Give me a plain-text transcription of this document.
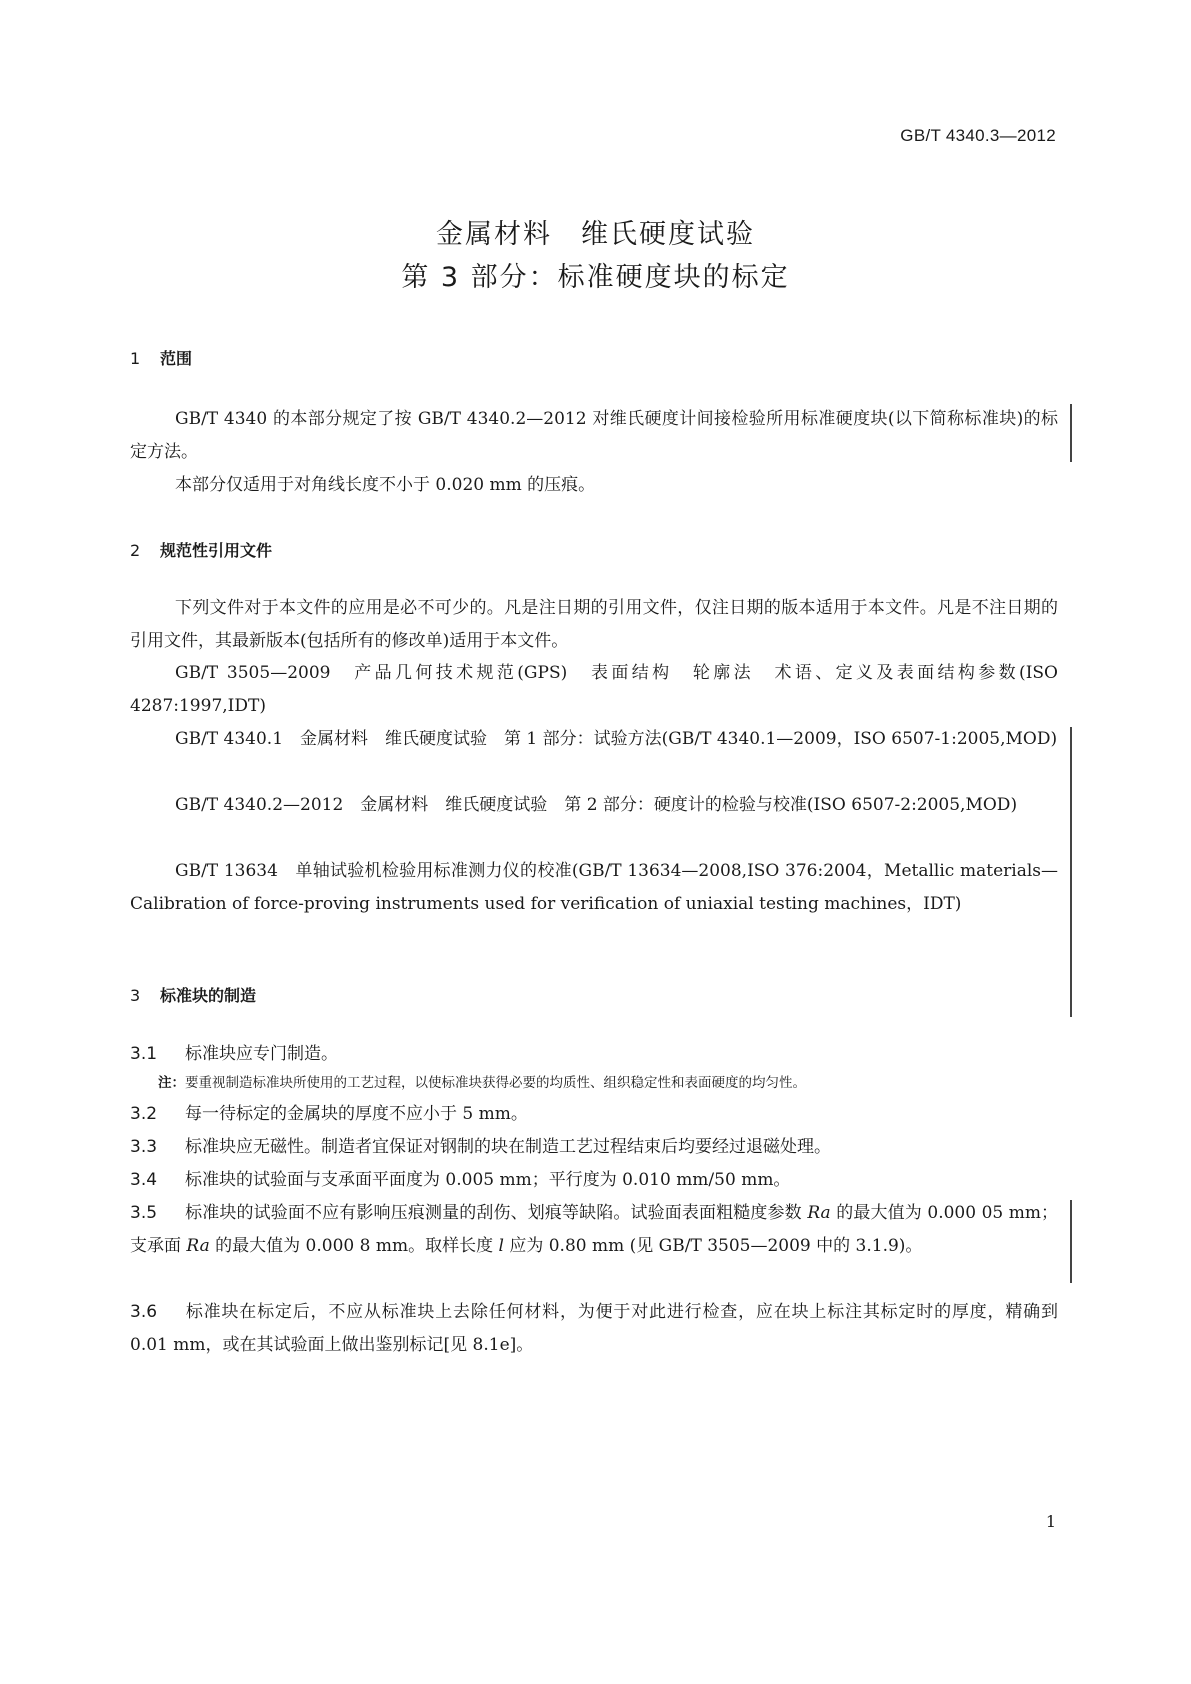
GB/T 4340.3—2012
金属材料　维氏硬度试验
第 3 部分：标准硬度块的标定
1 范围
GB/T 4340 的本部分规定了按 GB/T 4340.2—2012 对维氏硬度计间接检验所用标准硬度块(以下简称标准块)的标定方法。
本部分仅适用于对角线长度不小于 0.020 mm 的压痕。
2 规范性引用文件
下列文件对于本文件的应用是必不可少的。凡是注日期的引用文件，仅注日期的版本适用于本文件。凡是不注日期的引用文件，其最新版本(包括所有的修改单)适用于本文件。
GB/T 3505—2009　产品几何技术规范(GPS)　表面结构　轮廓法　术语、定义及表面结构参数(ISO 4287:1997,IDT)
GB/T 4340.1　金属材料　维氏硬度试验　第 1 部分：试验方法(GB/T 4340.1—2009，ISO 6507-1:2005,MOD)
GB/T 4340.2—2012　金属材料　维氏硬度试验　第 2 部分：硬度计的检验与校准(ISO 6507-2:2005,MOD)
GB/T 13634　单轴试验机检验用标准测力仪的校准(GB/T 13634—2008,ISO 376:2004，Metallic materials—Calibration of force-proving instruments used for verification of uniaxial testing machines，IDT)
3 标准块的制造
3.1 标准块应专门制造。
注：要重视制造标准块所使用的工艺过程，以使标准块获得必要的均质性、组织稳定性和表面硬度的均匀性。
3.2 每一待标定的金属块的厚度不应小于 5 mm。
3.3 标准块应无磁性。制造者宜保证对钢制的块在制造工艺过程结束后均要经过退磁处理。
3.4 标准块的试验面与支承面平面度为 0.005 mm；平行度为 0.010 mm/50 mm。
3.5 标准块的试验面不应有影响压痕测量的刮伤、划痕等缺陷。试验面表面粗糙度参数 Ra 的最大值为 0.000 05 mm；支承面 Ra 的最大值为 0.000 8 mm。取样长度 l 应为 0.80 mm (见 GB/T 3505—2009 中的 3.1.9)。
3.6 标准块在标定后，不应从标准块上去除任何材料，为便于对此进行检查，应在块上标注其标定时的厚度，精确到 0.01 mm，或在其试验面上做出鉴别标记[见 8.1e]。
1
